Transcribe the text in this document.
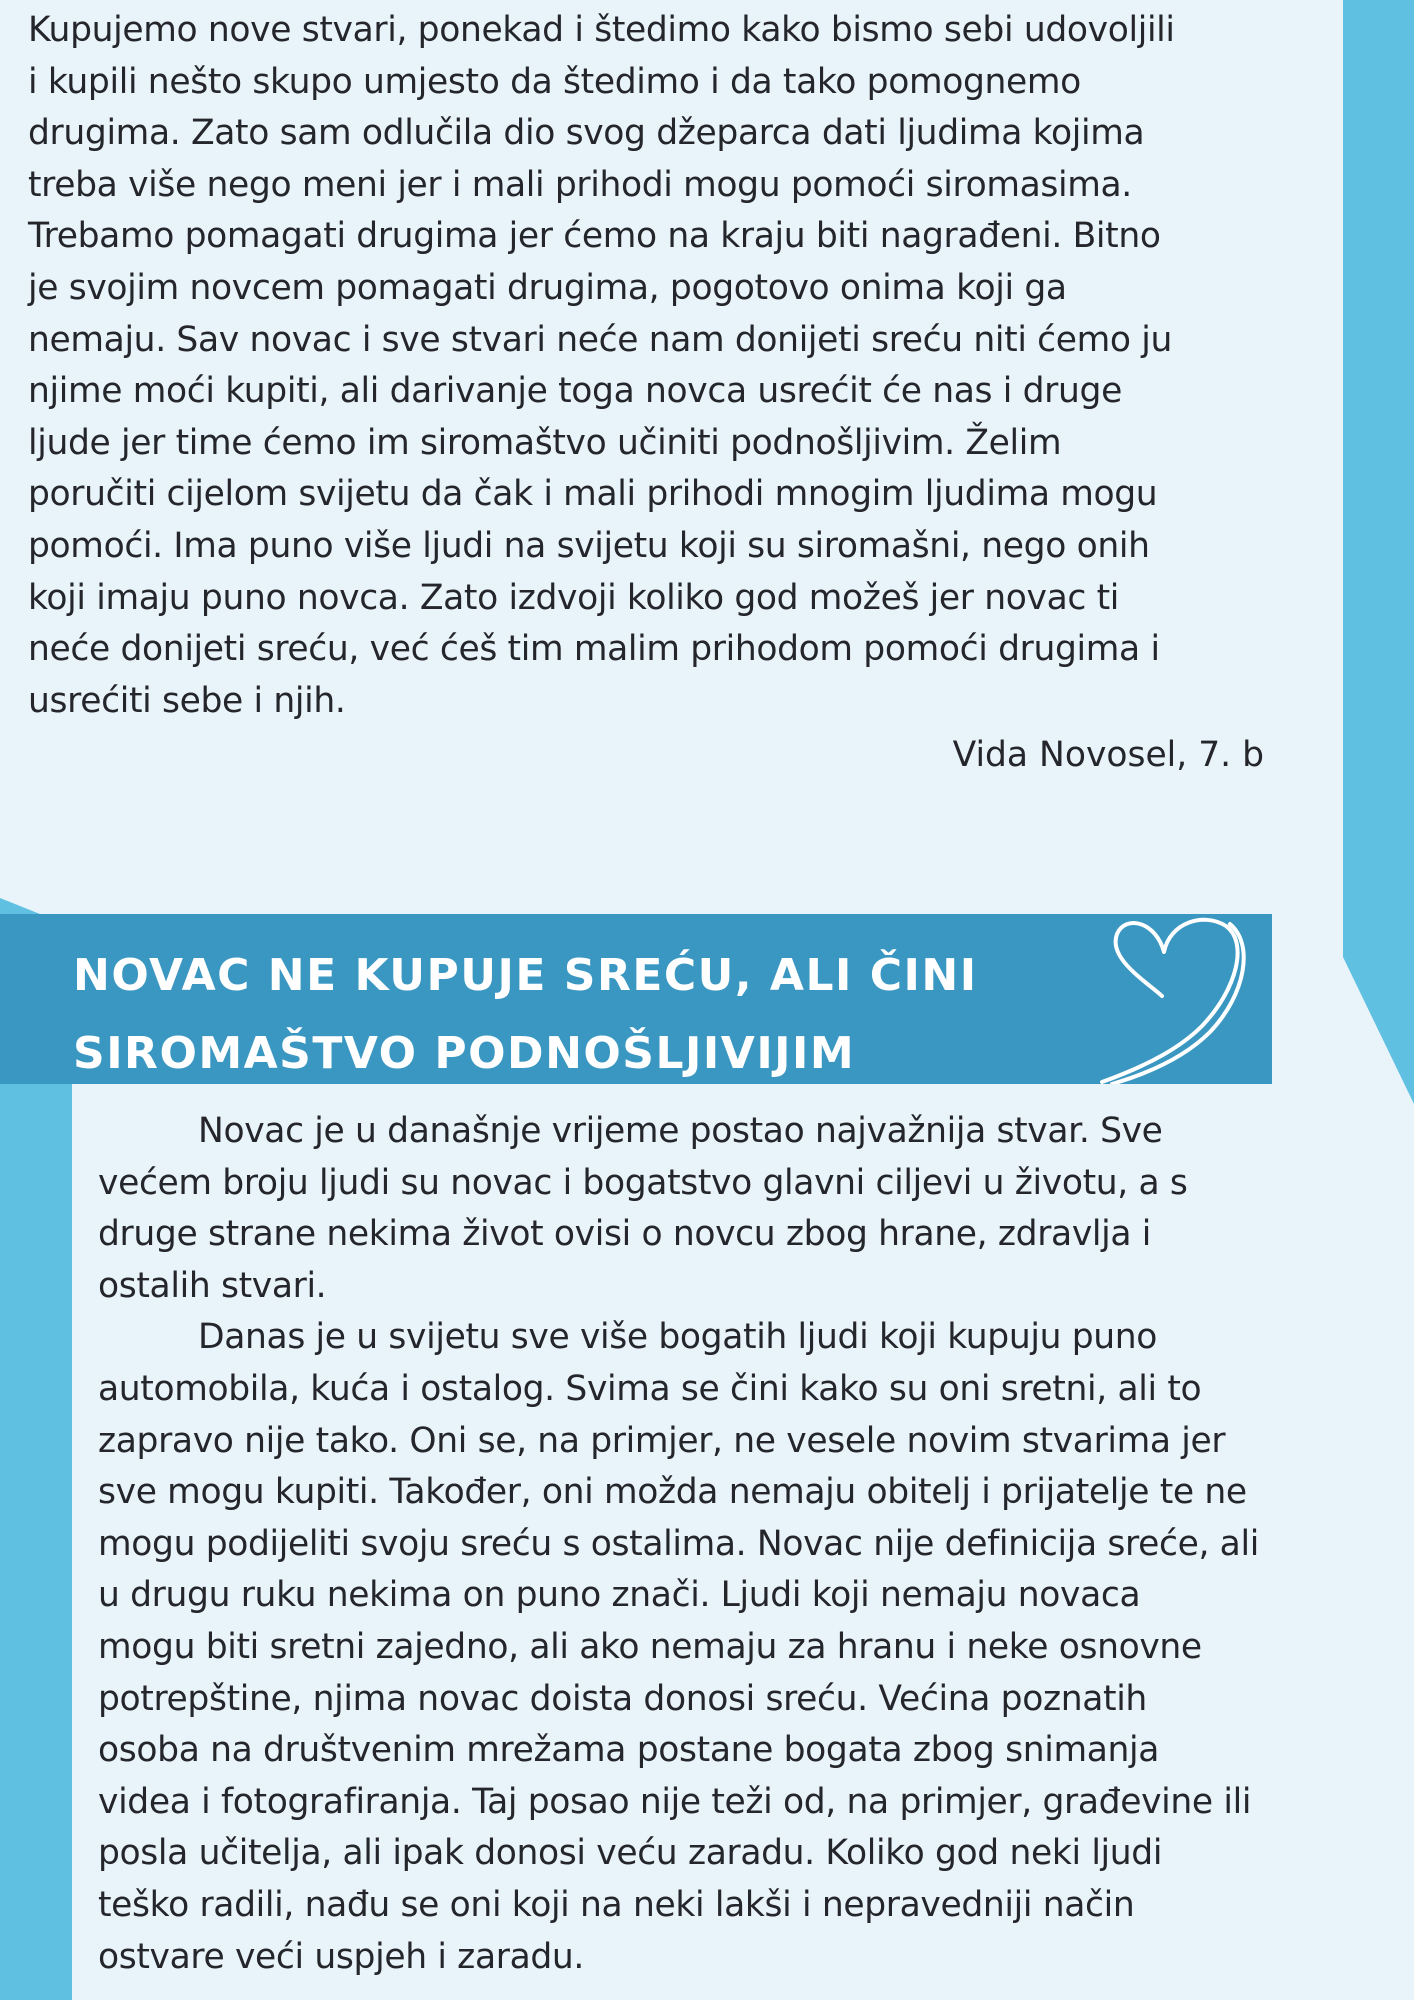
Kupujemo nove stvari, ponekad i štedimo kako bismo sebi udovoljili
i kupili nešto skupo umjesto da štedimo i da tako pomognemo
drugima. Zato sam odlučila dio svog džeparca dati ljudima kojima
treba više nego meni jer i mali prihodi mogu pomoći siromasima.
Trebamo pomagati drugima jer ćemo na kraju biti nagrađeni. Bitno
je svojim novcem pomagati drugima, pogotovo onima koji ga
nemaju. Sav novac i sve stvari neće nam donijeti sreću niti ćemo ju
njime moći kupiti, ali darivanje toga novca usrećit će nas i druge
ljude jer time ćemo im siromaštvo učiniti podnošljivim. Želim
poručiti cijelom svijetu da čak i mali prihodi mnogim ljudima mogu
pomoći. Ima puno više ljudi na svijetu koji su siromašni, nego onih
koji imaju puno novca. Zato izdvoji koliko god možeš jer novac ti
neće donijeti sreću, već ćeš tim malim prihodom pomoći drugima i
usrećiti sebe i njih.
Vida Novosel, 7. b
NOVAC NE KUPUJE SREĆU, ALI ČINI
SIROMAŠTVO PODNOŠLJIVIJIM
Novac je u današnje vrijeme postao najvažnija stvar. Sve
većem broju ljudi su novac i bogatstvo glavni ciljevi u životu, a s
druge strane nekima život ovisi o novcu zbog hrane, zdravlja i
ostalih stvari.
Danas je u svijetu sve više bogatih ljudi koji kupuju puno
automobila, kuća i ostalog. Svima se čini kako su oni sretni, ali to
zapravo nije tako. Oni se, na primjer, ne vesele novim stvarima jer
sve mogu kupiti. Također, oni možda nemaju obitelj i prijatelje te ne
mogu podijeliti svoju sreću s ostalima. Novac nije definicija sreće, ali
u drugu ruku nekima on puno znači. Ljudi koji nemaju novaca
mogu biti sretni zajedno, ali ako nemaju za hranu i neke osnovne
potrepštine, njima novac doista donosi sreću. Većina poznatih
osoba na društvenim mrežama postane bogata zbog snimanja
videa i fotografiranja. Taj posao nije teži od, na primjer, građevine ili
posla učitelja, ali ipak donosi veću zaradu. Koliko god neki ljudi
teško radili, nađu se oni koji na neki lakši i nepravedniji način
ostvare veći uspjeh i zaradu.
